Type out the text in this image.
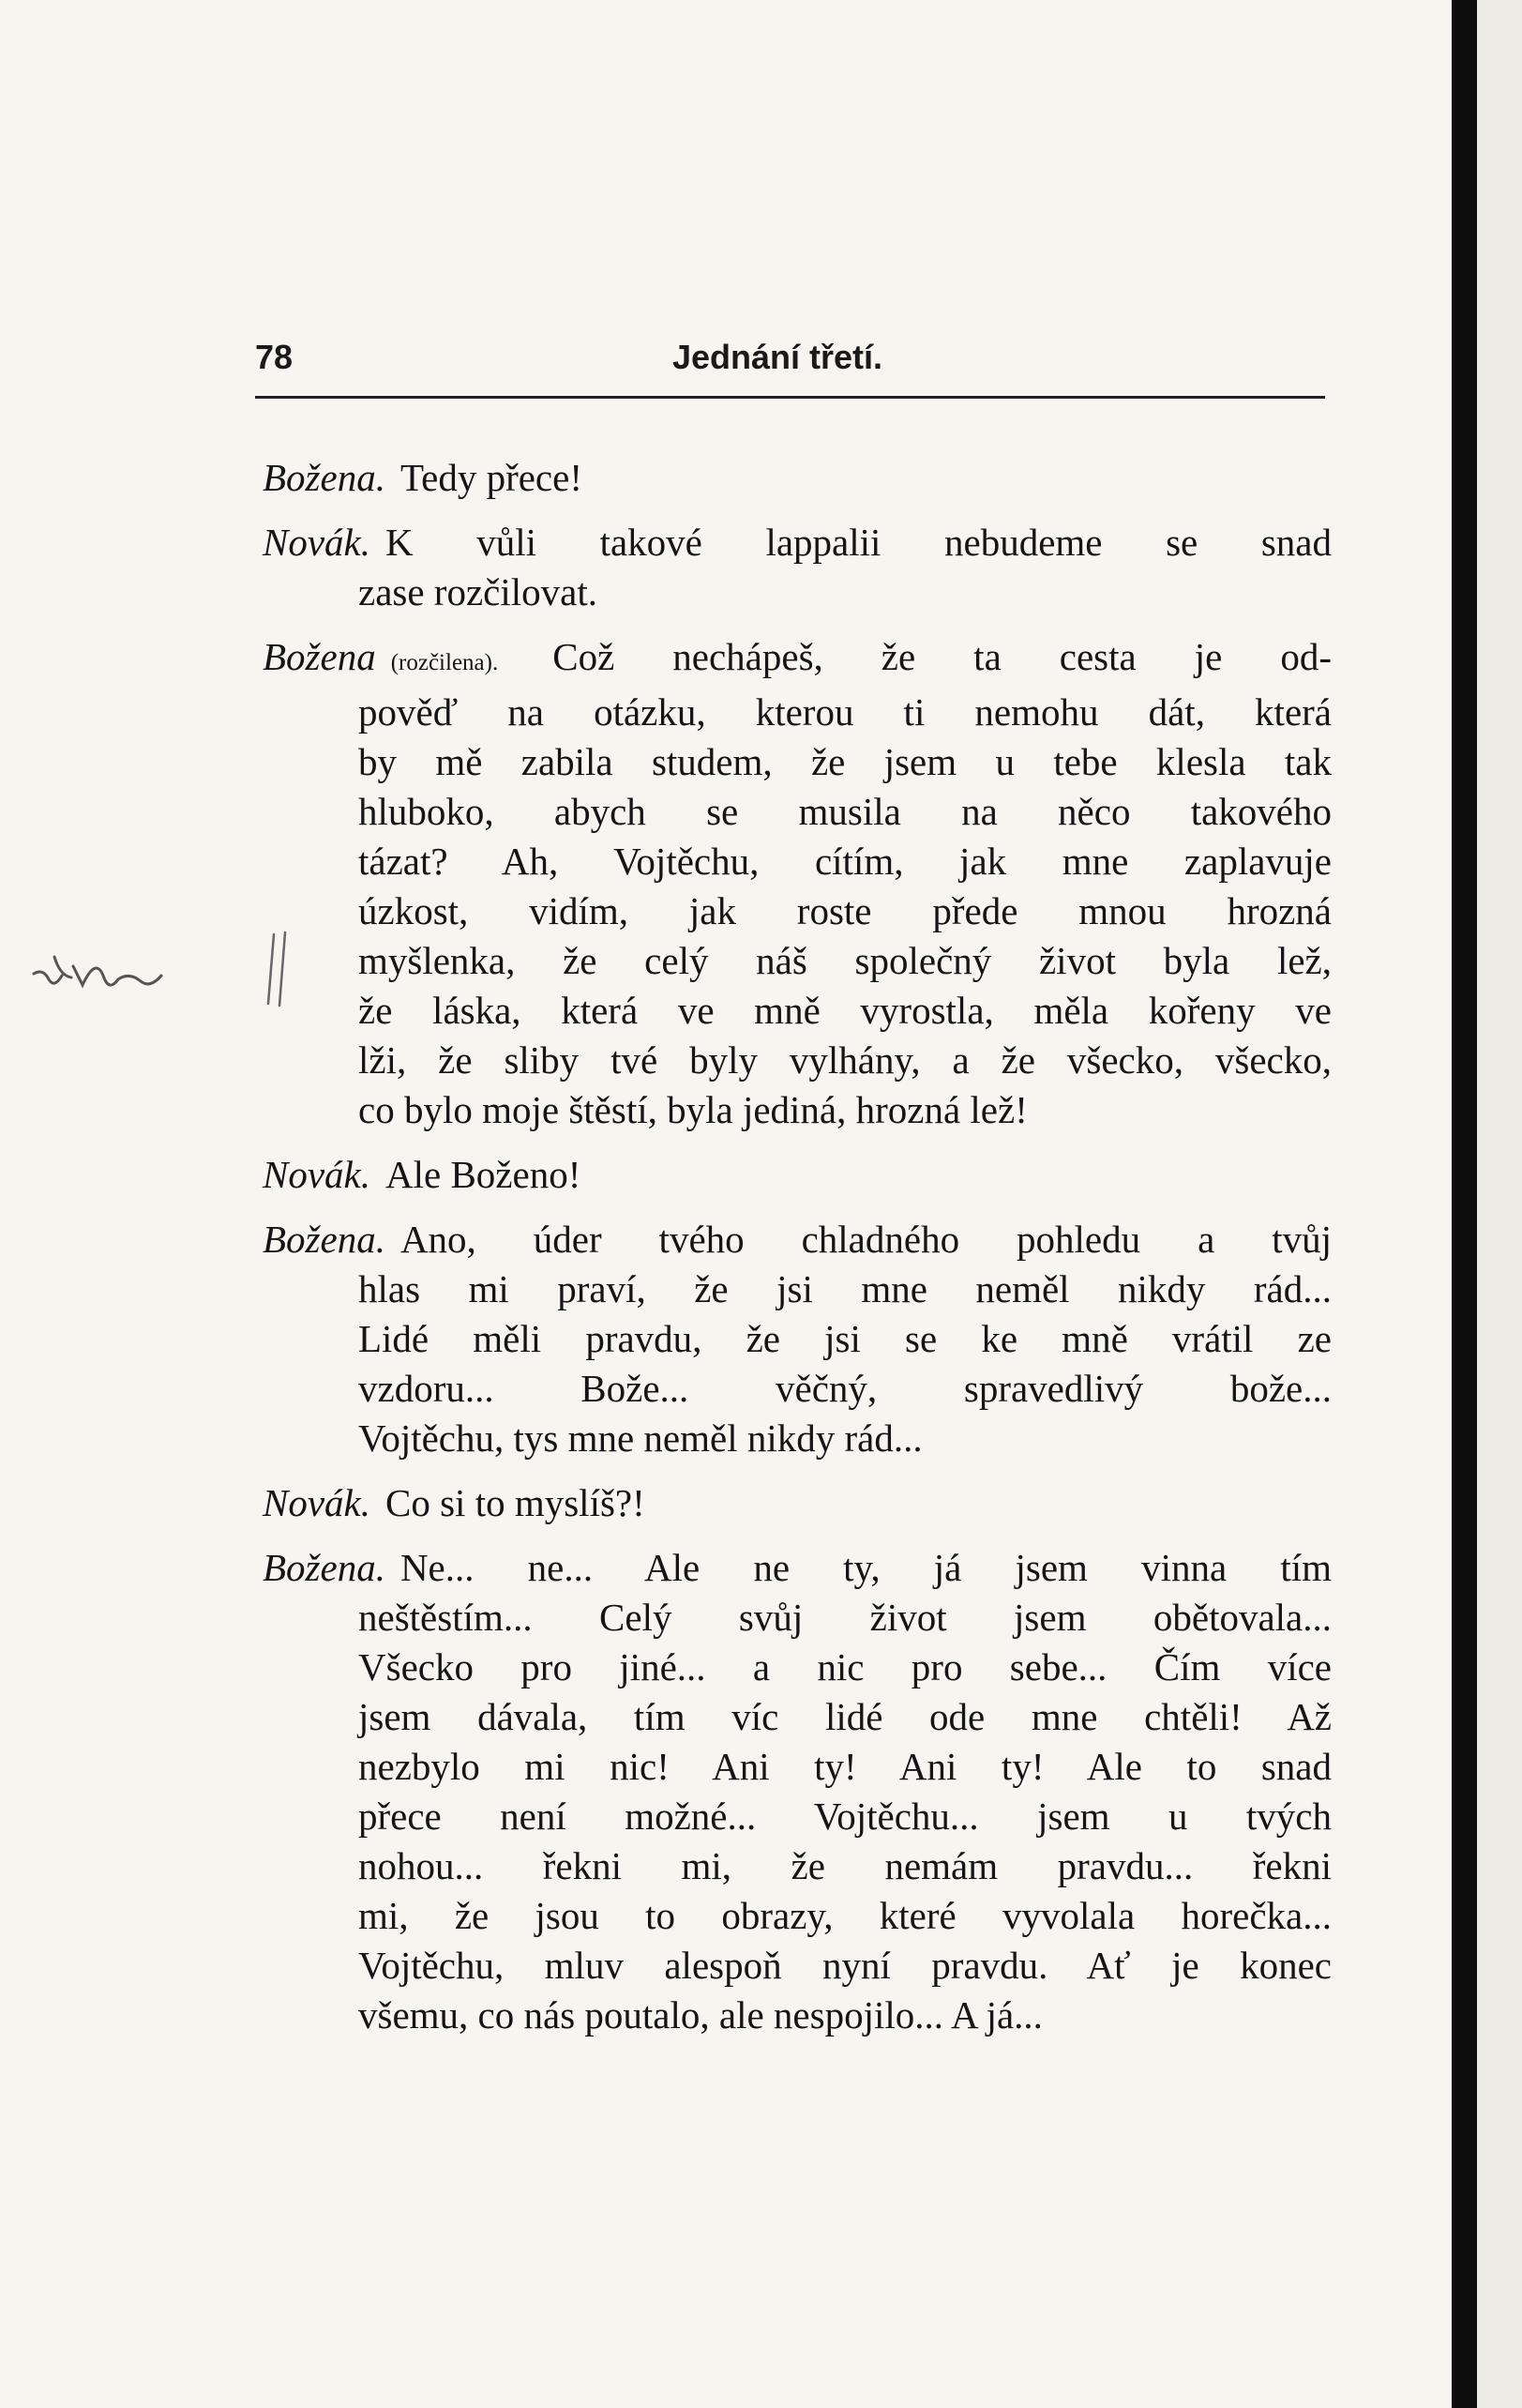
78	Jednání třetí.
Božena. Tedy přece!
Novák. K vůli takové lappalii nebudeme se snad
zase rozčilovat.
Božena (rozčilena). Což nechápeš, že ta cesta je od-
pověď na otázku, kterou ti nemohu dát, která
by mě zabila studem, že jsem u tebe klesla tak
hluboko, abych se musila na něco takového
tázat? Ah, Vojtěchu, cítím, jak mne zaplavuje
úzkost, vidím, jak roste přede mnou hrozná
myšlenka, že celý náš společný život byla lež,
že láska, která ve mně vyrostla, měla kořeny ve
lži, že sliby tvé byly vylhány, a že všecko, všecko,
co bylo moje štěstí, byla jediná, hrozná lež!
Novák. Ale Boženo!
Božena. Ano, úder tvého chladného pohledu a tvůj
hlas mi praví, že jsi mne neměl nikdy rád...
Lidé měli pravdu, že jsi se ke mně vrátil ze
vzdoru... Bože... věčný, spravedlivý bože...
Vojtěchu, tys mne neměl nikdy rád...
Novák. Co si to myslíš?!
Božena. Ne... ne... Ale ne ty, já jsem vinna tím
neštěstím... Celý svůj život jsem obětovala...
Všecko pro jiné... a nic pro sebe... Čím více
jsem dávala, tím víc lidé ode mne chtěli! Až
nezbylo mi nic! Ani ty! Ani ty! Ale to snad
přece není možné... Vojtěchu... jsem u tvých
nohou... řekni mi, že nemám pravdu... řekni
mi, že jsou to obrazy, které vyvolala horečka...
Vojtěchu, mluv alespoň nyní pravdu. Ať je konec
všemu, co nás poutalo, ale nespojilo... A já...
